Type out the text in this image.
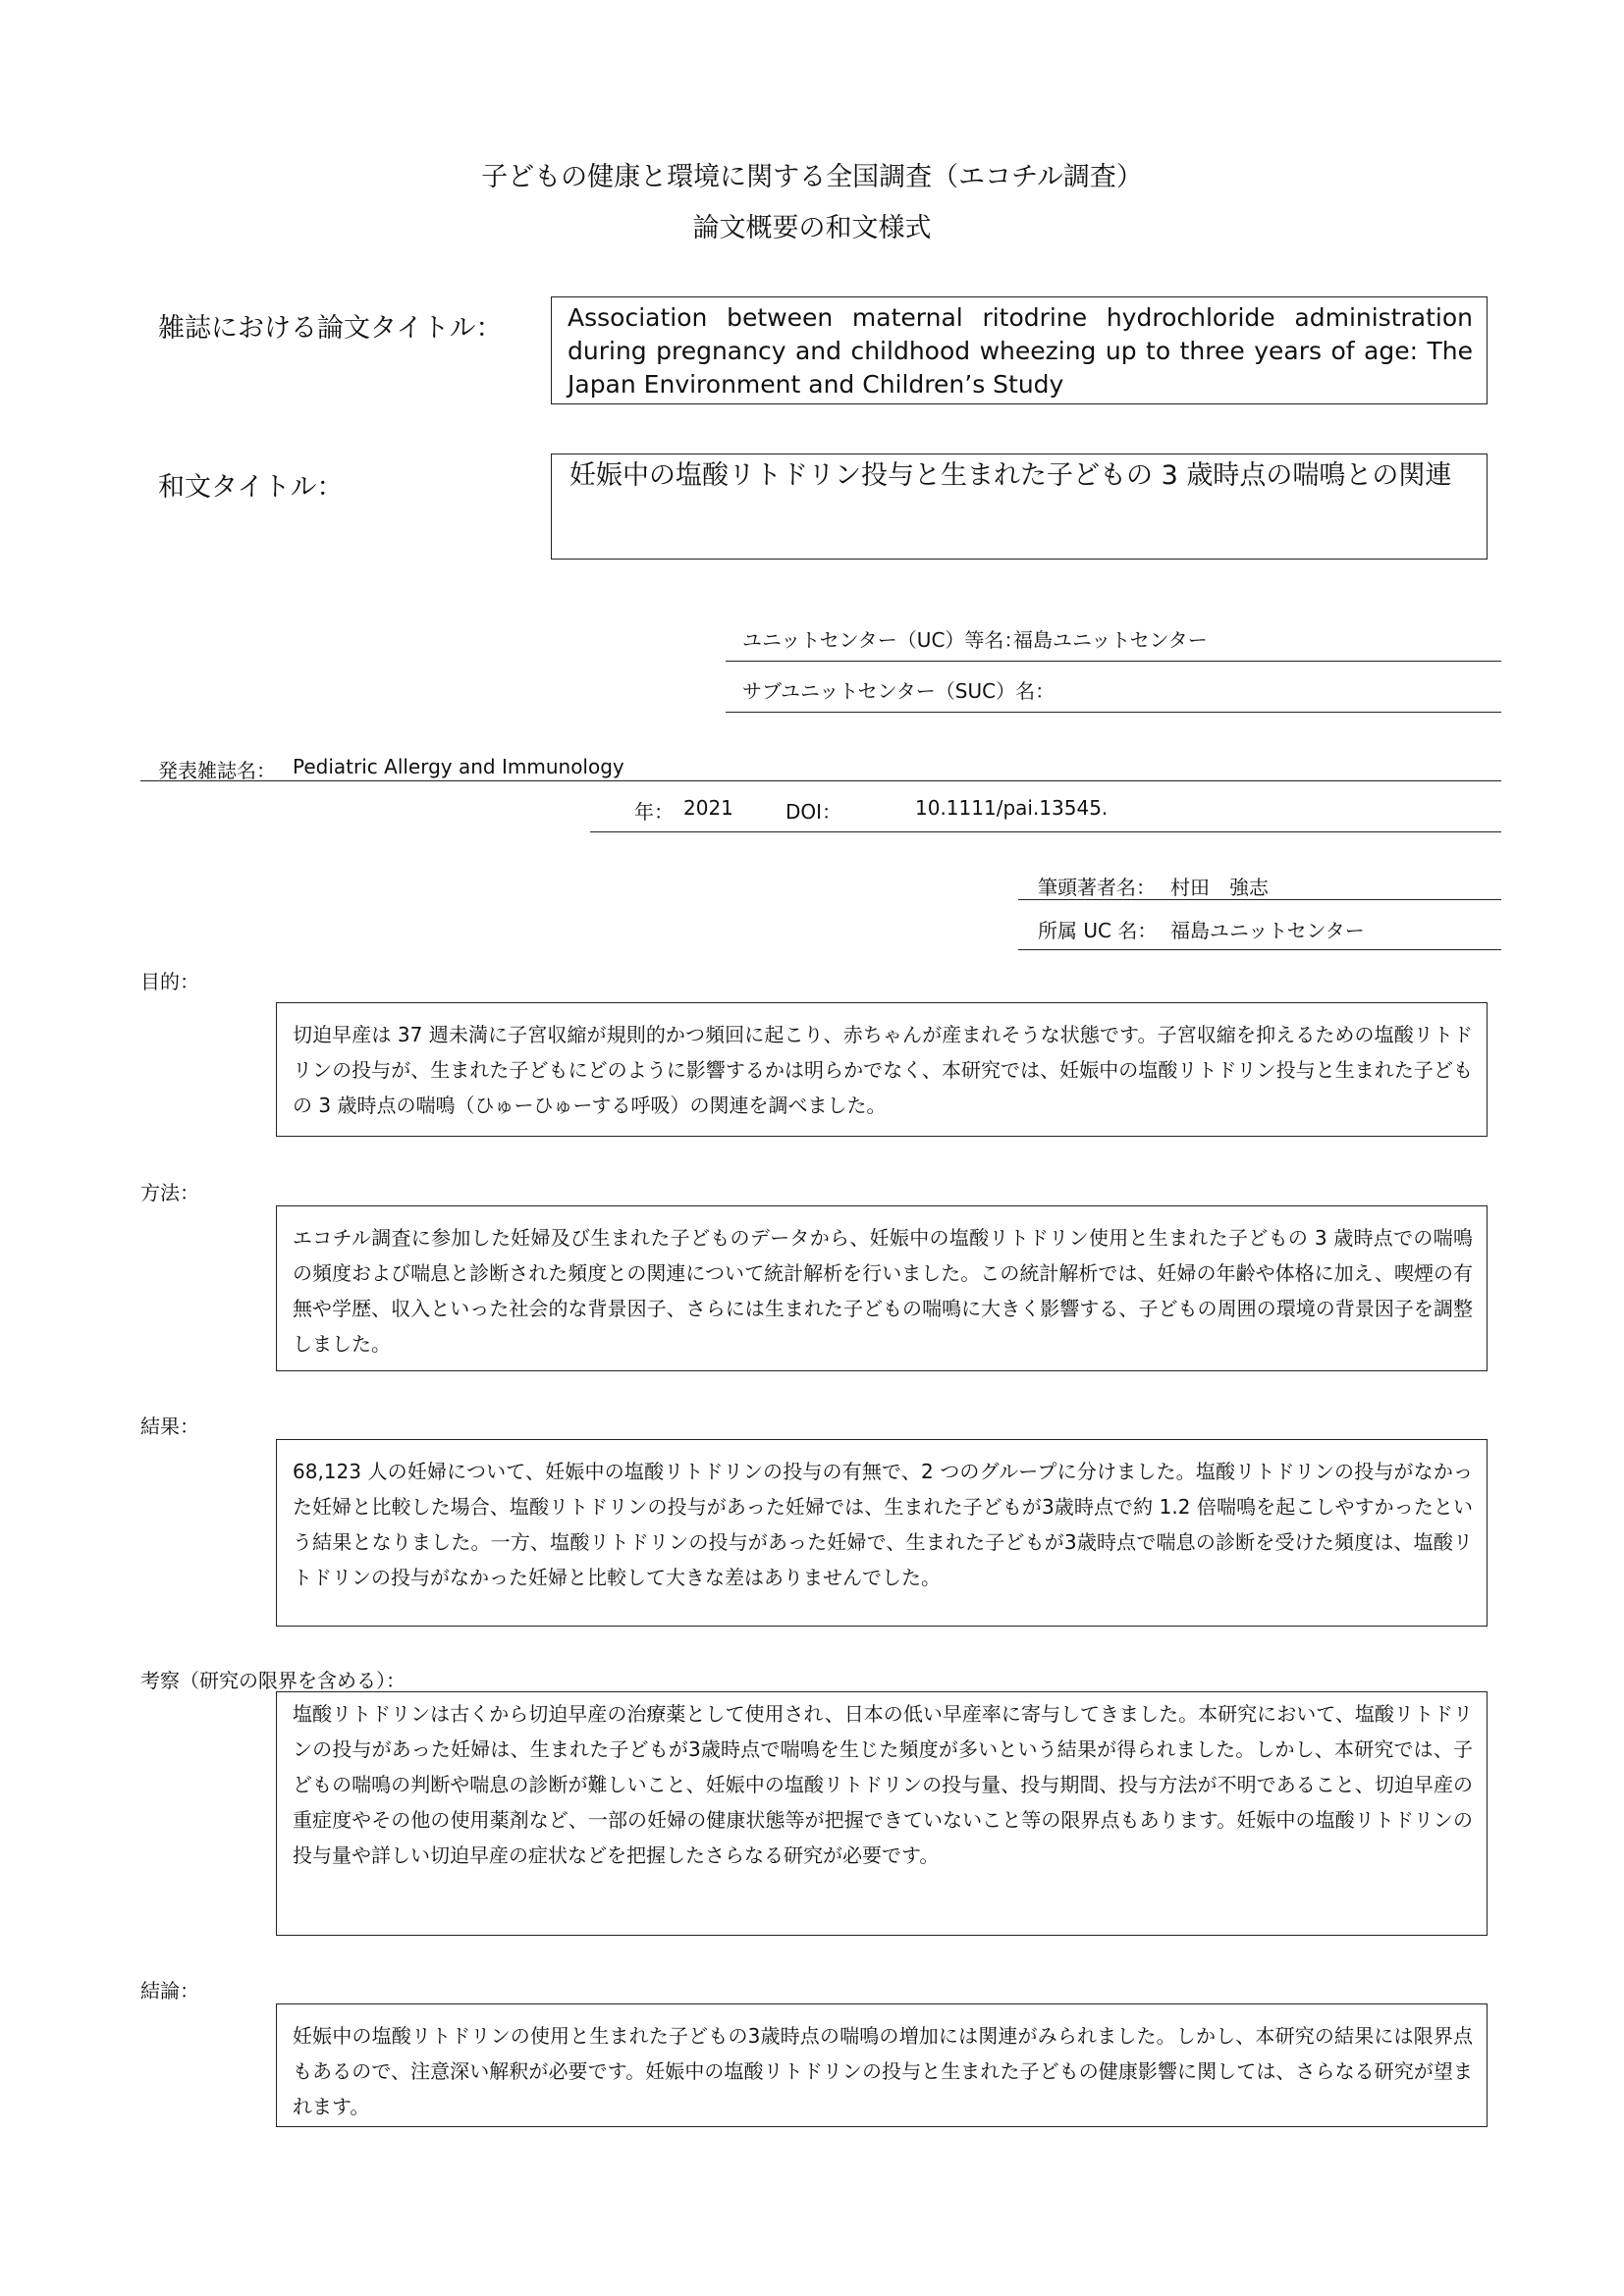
子どもの健康と環境に関する全国調査（エコチル調査）
論文概要の和文様式
雑誌における論文タイトル：	Association between maternal ritodrine hydrochloride administration during pregnancy and childhood wheezing up to three years of age: The Japan Environment and Children’s Study
和文タイトル：	妊娠中の塩酸リトドリン投与と生まれた子どもの 3 歳時点の喘鳴との関連
ユニットセンター（UC）等名：
福島ユニットセンター
サブユニットセンター（SUC）名：
発表雑誌名： Pediatric Allergy and Immunology
年： 2021	DOI：	10.1111/pai.13545.
筆頭著者名： 村田　強志
所属 UC 名： 福島ユニットセンター
目的：
切迫早産は 37 週未満に子宮収縮が規則的かつ頻回に起こり、赤ちゃんが産まれそうな状態です。子宮収縮を抑えるための塩酸リトドリンの投与が、生まれた子どもにどのように影響するかは明らかでなく、本研究では、妊娠中の塩酸リトドリン投与と生まれた子どもの 3 歳時点の喘鳴（ひゅーひゅーする呼吸）の関連を調べました。
方法：
エコチル調査に参加した妊婦及び生まれた子どものデータから、妊娠中の塩酸リトドリン使用と生まれた子どもの 3 歳時点での喘鳴の頻度および喘息と診断された頻度との関連について統計解析を行いました。この統計解析では、妊婦の年齢や体格に加え、喫煙の有無や学歴、収入といった社会的な背景因子、さらには生まれた子どもの喘鳴に大きく影響する、子どもの周囲の環境の背景因子を調整しました。
結果：
68,123 人の妊婦について、妊娠中の塩酸リトドリンの投与の有無で、2 つのグループに分けました。塩酸リトドリンの投与がなかった妊婦と比較した場合、塩酸リトドリンの投与があった妊婦では、生まれた子どもが3歳時点で約 1.2 倍喘鳴を起こしやすかったという結果となりました。一方、塩酸リトドリンの投与があった妊婦で、生まれた子どもが3歳時点で喘息の診断を受けた頻度は、塩酸リトドリンの投与がなかった妊婦と比較して大きな差はありませんでした。
考察（研究の限界を含める）：
塩酸リトドリンは古くから切迫早産の治療薬として使用され、日本の低い早産率に寄与してきました。本研究において、塩酸リトドリンの投与があった妊婦は、生まれた子どもが3歳時点で喘鳴を生じた頻度が多いという結果が得られました。しかし、本研究では、子どもの喘鳴の判断や喘息の診断が難しいこと、妊娠中の塩酸リトドリンの投与量、投与期間、投与方法が不明であること、切迫早産の重症度やその他の使用薬剤など、一部の妊婦の健康状態等が把握できていないこと等の限界点もあります。妊娠中の塩酸リトドリンの投与量や詳しい切迫早産の症状などを把握したさらなる研究が必要です。
結論：
妊娠中の塩酸リトドリンの使用と生まれた子どもの3歳時点の喘鳴の増加には関連がみられました。しかし、本研究の結果には限界点もあるので、注意深い解釈が必要です。妊娠中の塩酸リトドリンの投与と生まれた子どもの健康影響に関しては、さらなる研究が望まれます。
